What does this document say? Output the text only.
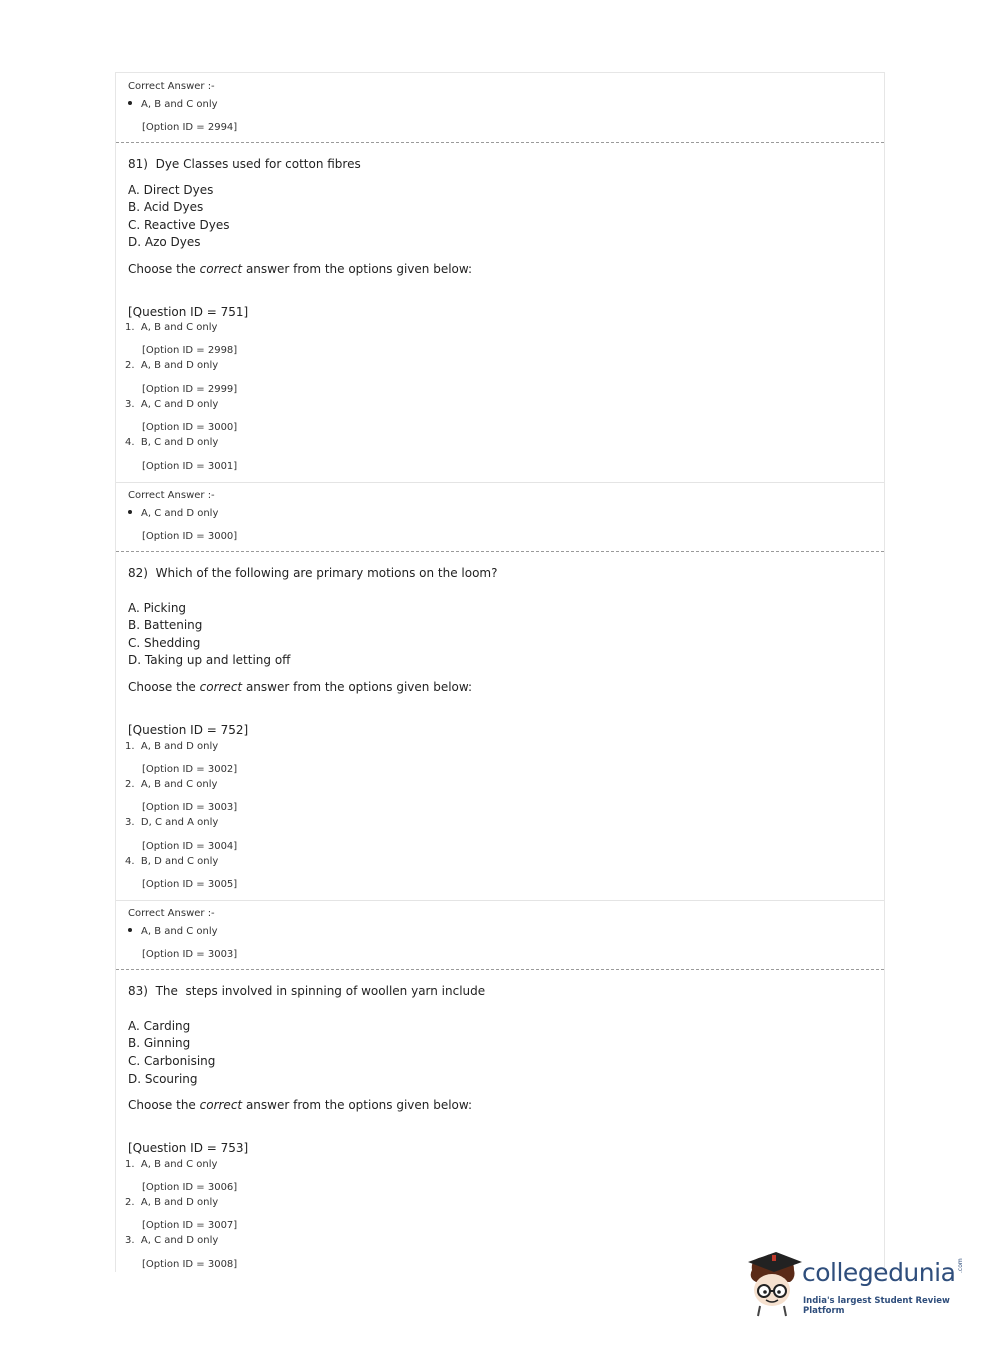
Correct Answer :-
A, B and C only
[Option ID = 2994]
81) Dye Classes used for cotton fibres
A. Direct Dyes
B. Acid Dyes
C. Reactive Dyes
D. Azo Dyes
Choose the correct answer from the options given below:
[Question ID = 751]
1. A, B and C only
[Option ID = 2998]
2. A, B and D only
[Option ID = 2999]
3. A, C and D only
[Option ID = 3000]
4. B, C and D only
[Option ID = 3001]
Correct Answer :-
A, C and D only
[Option ID = 3000]
82) Which of the following are primary motions on the loom?
A. Picking
B. Battening
C. Shedding
D. Taking up and letting off
Choose the correct answer from the options given below:
[Question ID = 752]
1. A, B and D only
[Option ID = 3002]
2. A, B and C only
[Option ID = 3003]
3. D, C and A only
[Option ID = 3004]
4. B, D and C only
[Option ID = 3005]
Correct Answer :-
A, B and C only
[Option ID = 3003]
83) The  steps involved in spinning of woollen yarn include
A. Carding
B. Ginning
C. Carbonising
D. Scouring
Choose the correct answer from the options given below:
[Question ID = 753]
1. A, B and C only
[Option ID = 3006]
2. A, B and D only
[Option ID = 3007]
3. A, C and D only
[Option ID = 3008]	collegedunia .com
India's largest Student Review Platform
